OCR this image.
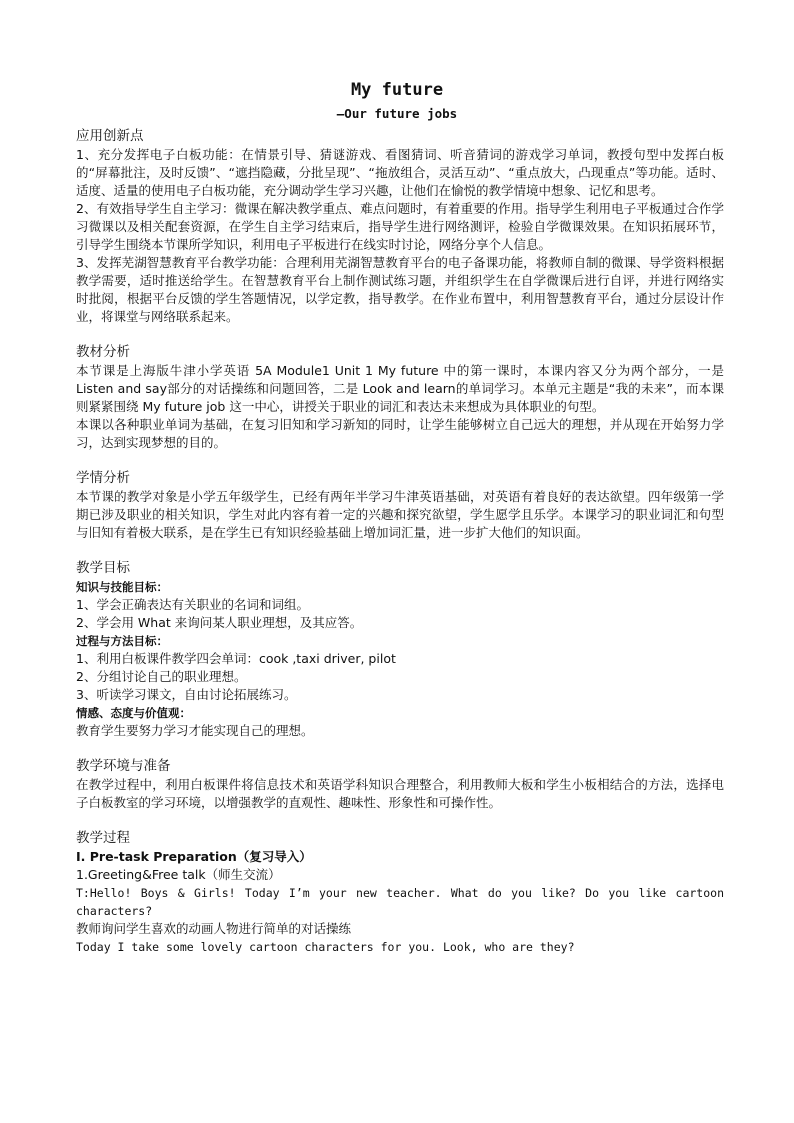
My future
—Our future jobs
应用创新点

1、充分发挥电子白板功能：在情景引导、猜谜游戏、看图猜词、听音猜词的游戏学习单词，教授句型中发挥白板的“屏幕批注，及时反馈”、“遮挡隐藏，分批呈现”、“拖放组合，灵活互动”、“重点放大，凸现重点”等功能。适时、适度、适量的使用电子白板功能，充分调动学生学习兴趣，让他们在愉悦的教学情境中想象、记忆和思考。

2、有效指导学生自主学习：微课在解决教学重点、难点问题时，有着重要的作用。指导学生利用电子平板通过合作学习微课以及相关配套资源，在学生自主学习结束后，指导学生进行网络测评，检验自学微课效果。在知识拓展环节，引导学生围绕本节课所学知识，利用电子平板进行在线实时讨论，网络分享个人信息。

3、发挥芜湖智慧教育平台教学功能：合理利用芜湖智慧教育平台的电子备课功能，将教师自制的微课、导学资料根据教学需要，适时推送给学生。在智慧教育平台上制作测试练习题，并组织学生在自学微课后进行自评，并进行网络实时批阅，根据平台反馈的学生答题情况，以学定教，指导教学。在作业布置中，利用智慧教育平台，通过分层设计作业，将课堂与网络联系起来。

教材分析

本节课是上海版牛津小学英语 5A Module1 Unit 1 My future 中的第一课时，本课内容又分为两个部分，一是 Listen and say部分的对话操练和问题回答，二是 Look and learn的单词学习。本单元主题是“我的未来”，而本课则紧紧围绕 My future job 这一中心，讲授关于职业的词汇和表达未来想成为具体职业的句型。

本课以各种职业单词为基础，在复习旧知和学习新知的同时，让学生能够树立自己远大的理想，并从现在开始努力学习，达到实现梦想的目的。

学情分析

本节课的教学对象是小学五年级学生，已经有两年半学习牛津英语基础，对英语有着良好的表达欲望。四年级第一学期已涉及职业的相关知识，学生对此内容有着一定的兴趣和探究欲望，学生愿学且乐学。本课学习的职业词汇和句型与旧知有着极大联系，是在学生已有知识经验基础上增加词汇量，进一步扩大他们的知识面。

教学目标

知识与技能目标：

1、学会正确表达有关职业的名词和词组。

2、学会用 What 来询问某人职业理想，及其应答。

过程与方法目标：

1、利用白板课件教学四会单词：cook ,taxi driver, pilot

2、分组讨论自己的职业理想。

3、听读学习课文，自由讨论拓展练习。

情感、态度与价值观：

教育学生要努力学习才能实现自己的理想。

教学环境与准备

在教学过程中，利用白板课件将信息技术和英语学科知识合理整合，利用教师大板和学生小板相结合的方法，选择电子白板教室的学习环境，以增强教学的直观性、趣味性、形象性和可操作性。

教学过程

I. Pre-task Preparation（复习导入）

1.Greeting&Free talk（师生交流）

T:Hello! Boys & Girls! Today I’m your new teacher. What do you like? Do you like cartoon characters?

教师询问学生喜欢的动画人物进行简单的对话操练

Today I take some lovely cartoon characters for you. Look, who are they?
